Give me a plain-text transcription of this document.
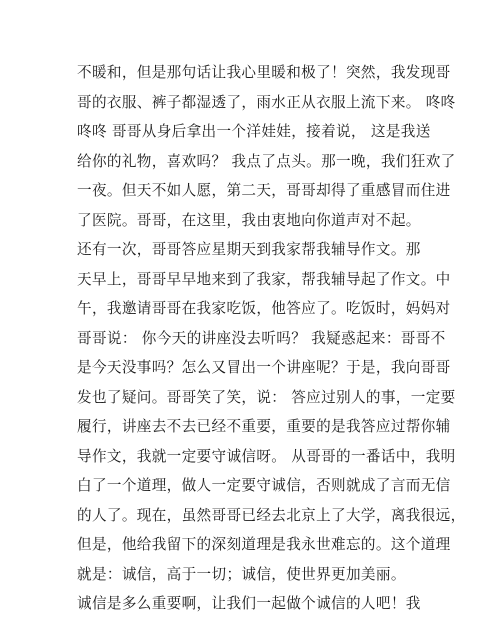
不暖和，但是那句话让我心里暖和极了！突然，我发现哥
哥的衣服、裤子都湿透了，雨水正从衣服上流下来。 咚咚
咚咚 哥哥从身后拿出一个洋娃娃，接着说， 这是我送
给你的礼物，喜欢吗？ 我点了点头。那一晚，我们狂欢了
一夜。但天不如人愿，第二天，哥哥却得了重感冒而住进
了医院。哥哥，在这里，我由衷地向你道声对不起。
还有一次，哥哥答应星期天到我家帮我辅导作文。那
天早上，哥哥早早地来到了我家，帮我辅导起了作文。中
午，我邀请哥哥在我家吃饭，他答应了。吃饭时，妈妈对
哥哥说： 你今天的讲座没去听吗？ 我疑惑起来：哥哥不
是今天没事吗？怎么又冒出一个讲座呢？于是，我向哥哥
发也了疑问。哥哥笑了笑，说： 答应过别人的事，一定要
履行，讲座去不去已经不重要，重要的是我答应过帮你辅
导作文，我就一定要守诚信呀。 从哥哥的一番话中，我明
白了一个道理，做人一定要守诚信，否则就成了言而无信
的人了。现在，虽然哥哥已经去北京上了大学，离我很远，
但是，他给我留下的深刻道理是我永世难忘的。这个道理
就是：诚信，高于一切；诚信，使世界更加美丽。
诚信是多么重要啊，让我们一起做个诚信的人吧！我
